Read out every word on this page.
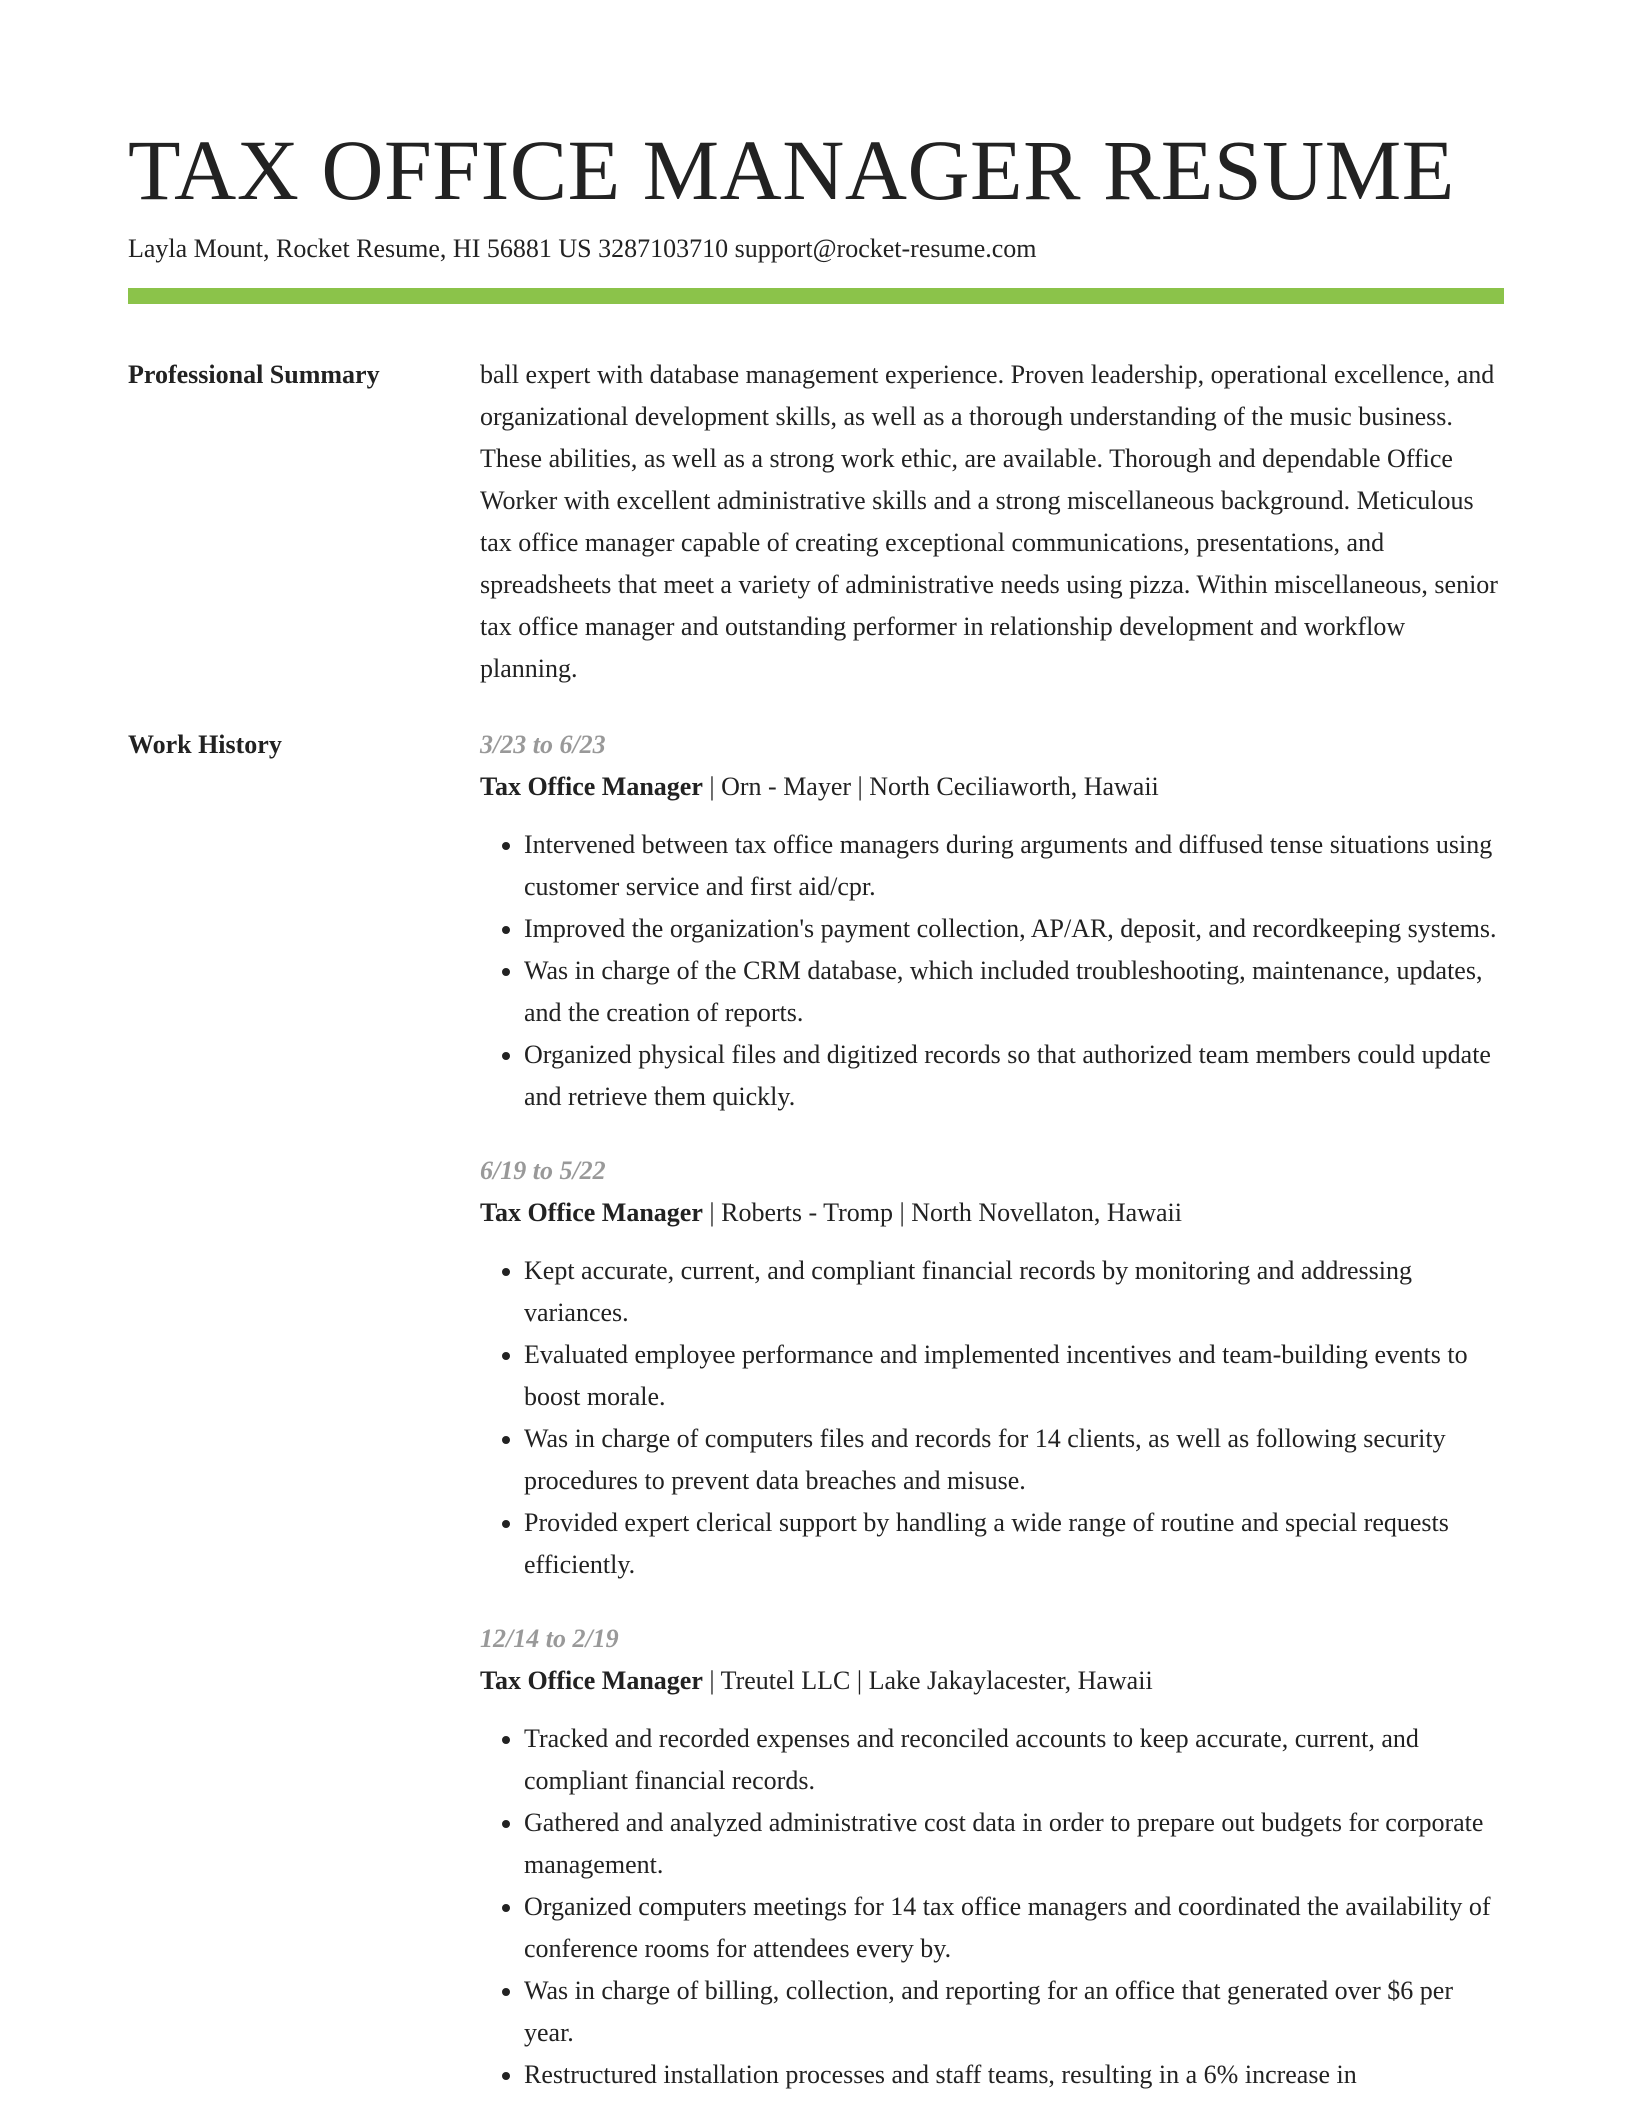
TAX OFFICE MANAGER RESUME
Layla Mount, Rocket Resume, HI 56881 US 3287103710 support@rocket-resume.com
Professional Summary	ball expert with database management experience. Proven leadership, operational excellence, and organizational development skills, as well as a thorough understanding of the music business. These abilities, as well as a strong work ethic, are available. Thorough and dependable Office Worker with excellent administrative skills and a strong miscellaneous background. Meticulous tax office manager capable of creating exceptional communications, presentations, and spreadsheets that meet a variety of administrative needs using pizza. Within miscellaneous, senior tax office manager and outstanding performer in relationship development and workflow planning.

Work History	3/23 to 6/23
Tax Office Manager | Orn - Mayer | North Ceciliaworth, Hawaii
• Intervened between tax office managers during arguments and diffused tense situations using customer service and first aid/cpr.
• Improved the organization's payment collection, AP/AR, deposit, and recordkeeping systems.
• Was in charge of the CRM database, which included troubleshooting, maintenance, updates, and the creation of reports.
• Organized physical files and digitized records so that authorized team members could update and retrieve them quickly.
6/19 to 5/22
Tax Office Manager | Roberts - Tromp | North Novellaton, Hawaii
• Kept accurate, current, and compliant financial records by monitoring and addressing variances.
• Evaluated employee performance and implemented incentives and team-building events to boost morale.
• Was in charge of computers files and records for 14 clients, as well as following security procedures to prevent data breaches and misuse.
• Provided expert clerical support by handling a wide range of routine and special requests efficiently.
12/14 to 2/19
Tax Office Manager | Treutel LLC | Lake Jakaylacester, Hawaii
• Tracked and recorded expenses and reconciled accounts to keep accurate, current, and compliant financial records.
• Gathered and analyzed administrative cost data in order to prepare out budgets for corporate management.
• Organized computers meetings for 14 tax office managers and coordinated the availability of conference rooms for attendees every by.
• Was in charge of billing, collection, and reporting for an office that generated over $6 per year.
• Restructured installation processes and staff teams, resulting in a 6% increase in
